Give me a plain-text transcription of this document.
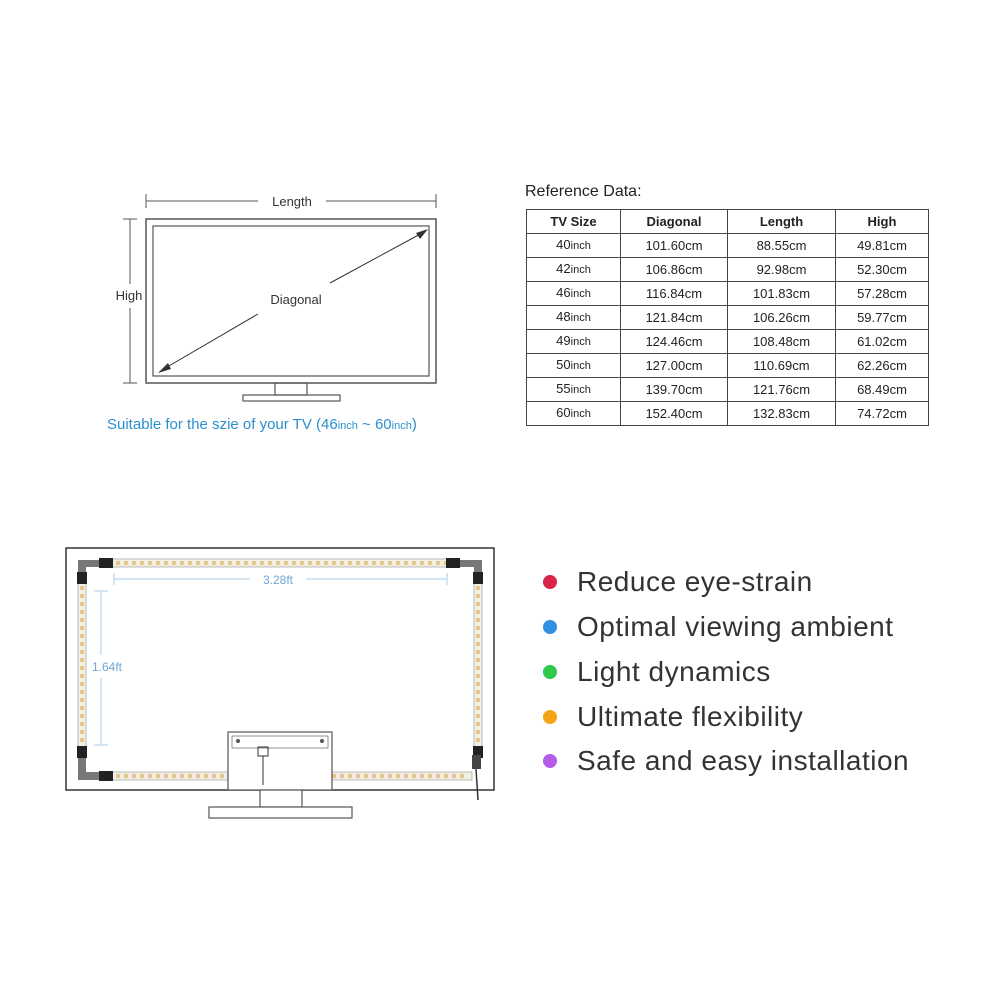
Length
High	Diagonal
Suitable for the szie of your TV (46inch ~ 60inch)
Reference Data:
TV Size	Diagonal	Length	High
40inch	101.60cm	88.55cm	49.81cm
42inch	106.86cm	92.98cm	52.30cm
46inch	116.84cm	101.83cm	57.28cm
48inch	121.84cm	106.26cm	59.77cm
49inch	124.46cm	108.48cm	61.02cm
50inch	127.00cm	110.69cm	62.26cm
55inch	139.70cm	121.76cm	68.49cm
60inch	152.40cm	132.83cm	74.72cm
3.28ft
1.64ft
Reduce eye-strain
Optimal viewing ambient
Light dynamics
Ultimate flexibility
Safe and easy installation
